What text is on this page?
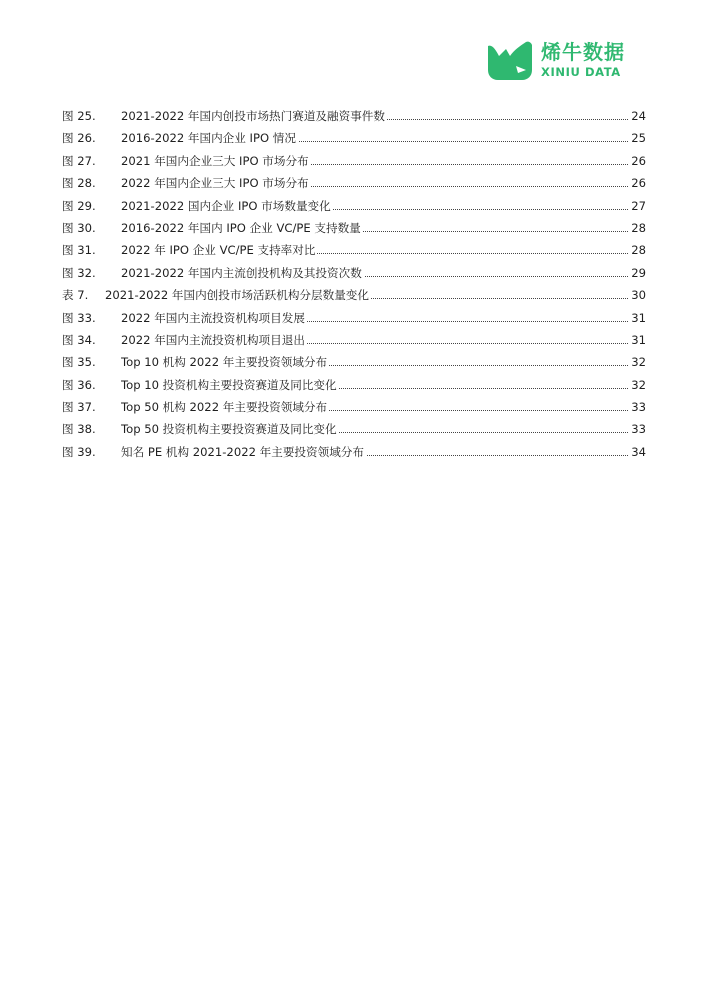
烯牛数据
XINIU DATA
图 25. 2021-2022 年国内创投市场热门赛道及融资事件数	24
图 26. 2016-2022 年国内企业 IPO 情况	25
图 27. 2021 年国内企业三大 IPO 市场分布	26
图 28. 2022 年国内企业三大 IPO 市场分布	26
图 29. 2021-2022 国内企业 IPO 市场数量变化	27
图 30. 2016-2022 年国内 IPO 企业 VC/PE 支持数量	28
图 31. 2022 年 IPO 企业 VC/PE 支持率对比	28
图 32. 2021-2022 年国内主流创投机构及其投资次数	29
表 7. 2021-2022 年国内创投市场活跃机构分层数量变化	30
图 33. 2022 年国内主流投资机构项目发展	31
图 34. 2022 年国内主流投资机构项目退出	31
图 35. Top 10 机构 2022 年主要投资领域分布	32
图 36. Top 10 投资机构主要投资赛道及同比变化	32
图 37. Top 50 机构 2022 年主要投资领域分布	33
图 38. Top 50 投资机构主要投资赛道及同比变化	33
图 39. 知名 PE 机构 2021-2022 年主要投资领域分布	34
